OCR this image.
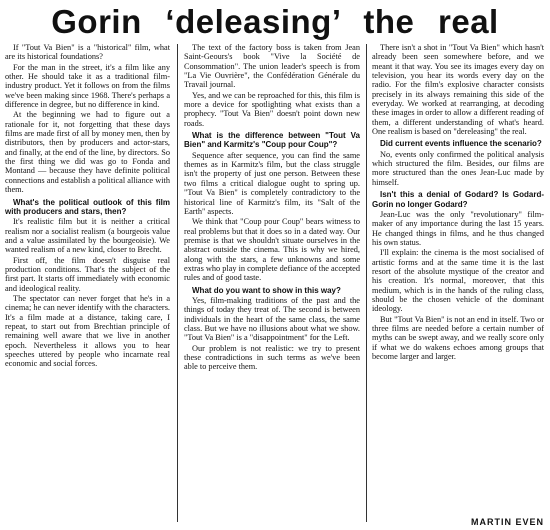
Gorin ‘deleasing’ the real

If "Tout Va Bien" is a "historical" film, what are its historical foundations?

For the man in the street, it's a film like any other. He should take it as a traditional film-industry product. Yet it follows on from the films we've been making since 1968. There's perhaps a difference in degree, but no difference in kind.

At the beginning we had to figure out a rationale for it, not forgetting that these days films are made first of all by money men, then by distributors, then by producers and actor-stars, and finally, at the end of the line, by directors. So the first thing we did was go to Fonda and Montand — because they have definite political connections and establish a political alliance with them.

What's the political outlook of this film with producers and stars, then?

It's realistic film but it is neither a critical realism nor a socialist realism (a bourgeois value and a value assimilated by the bourgeoisie). We wanted realism of a new kind, closer to Brecht.

First off, the film doesn't disguise real production conditions. That's the subject of the first part. It starts off immediately with economic and ideological reality.

The spectator can never forget that he's in a cinema; he can never identify with the characters. It's a film made at a distance, taking care, I repeat, to start out from Brechtian principle of remaining well aware that we live in another epoch. Nevertheless it allows you to hear speeches uttered by people who incarnate real economic and social forces.

The text of the factory boss is taken from Jean Saint-Geours's book "Vive la Société de Consommation". The union leader's speech is from "La Vie Ouvrière", the Confédération Générale du Travail journal.

Yes, and we can be reproached for this, this film is more a device for spotlighting what exists than a prophecy. "Tout Va Bien" doesn't point down new roads.

What is the difference between "Tout Va Bien" and Karmitz's "Coup pour Coup"?

Sequence after sequence, you can find the same themes as in Karmitz's film, but the class struggle isn't the property of just one person. Between these two films a critical dialogue ought to spring up. "Tout Va Bien" is completely contradictory to the historical line of Karmitz's film, its "Salt of the Earth" aspects.

We think that "Coup pour Coup" bears witness to real problems but that it does so in a dated way. Our premise is that we shouldn't situate ourselves in the abstract outside the cinema. This is why we hired, along with the stars, a few unknowns and some extras who play in complete defiance of the accepted rules and of good taste.

What do you want to show in this way?

Yes, film-making traditions of the past and the things of today they treat of. The second is between individuals in the heart of the same class, the same class. But we have no illusions about what we show. "Tout Va Bien" is a "disappointment" for the Left.

Our problem is not realistic: we try to present these contradictions in such terms as we've been able to perceive them.

There isn't a shot in "Tout Va Bien" which hasn't already been seen somewhere before, and we meant it that way. You see its images every day on television, you hear its words every day on the radio. For the film's explosive character consists precisely in its always remaining this side of the everyday. We worked at rearranging, at decoding these images in order to allow a different reading of them, a different understanding of what's heard. One realism is based on "dereleasing" the real.

Did current events influence the scenario?

No, events only confirmed the political analysis which structured the film. Besides, our films are more structured than the ones Jean-Luc made by himself.

Isn't this a denial of Godard? Is Godard-Gorin no longer Godard?

Jean-Luc was the only "revolutionary" film-maker of any importance during the last 15 years. He changed things in films, and he thus changed his own status.

I'll explain: the cinema is the most socialised of artistic forms and at the same time it is the last resort of the absolute mystique of the creator and his creation. It's normal, moreover, that this medium, which is in the hands of the ruling class, should be the chosen vehicle of the dominant ideology.

But "Tout Va Bien" is not an end in itself. Two or three films are needed before a certain number of myths can be swept away, and we really score only if what we do wakens echoes among groups that become larger and larger.

MARTIN EVEN
